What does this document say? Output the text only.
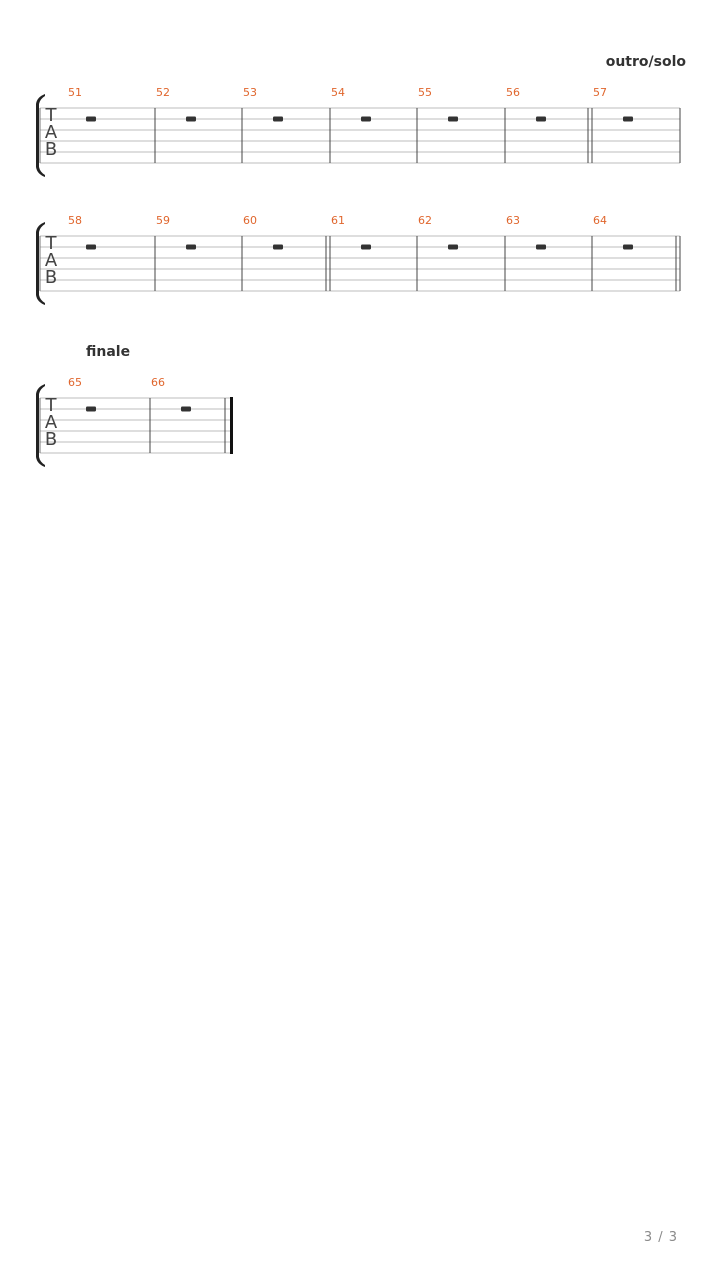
outro/solo
finale
T
A
B
51	52	53	54	55	56	57
T
A
B
58	59	60	61	62	63	64
T
A
B
65	66
3 / 3
